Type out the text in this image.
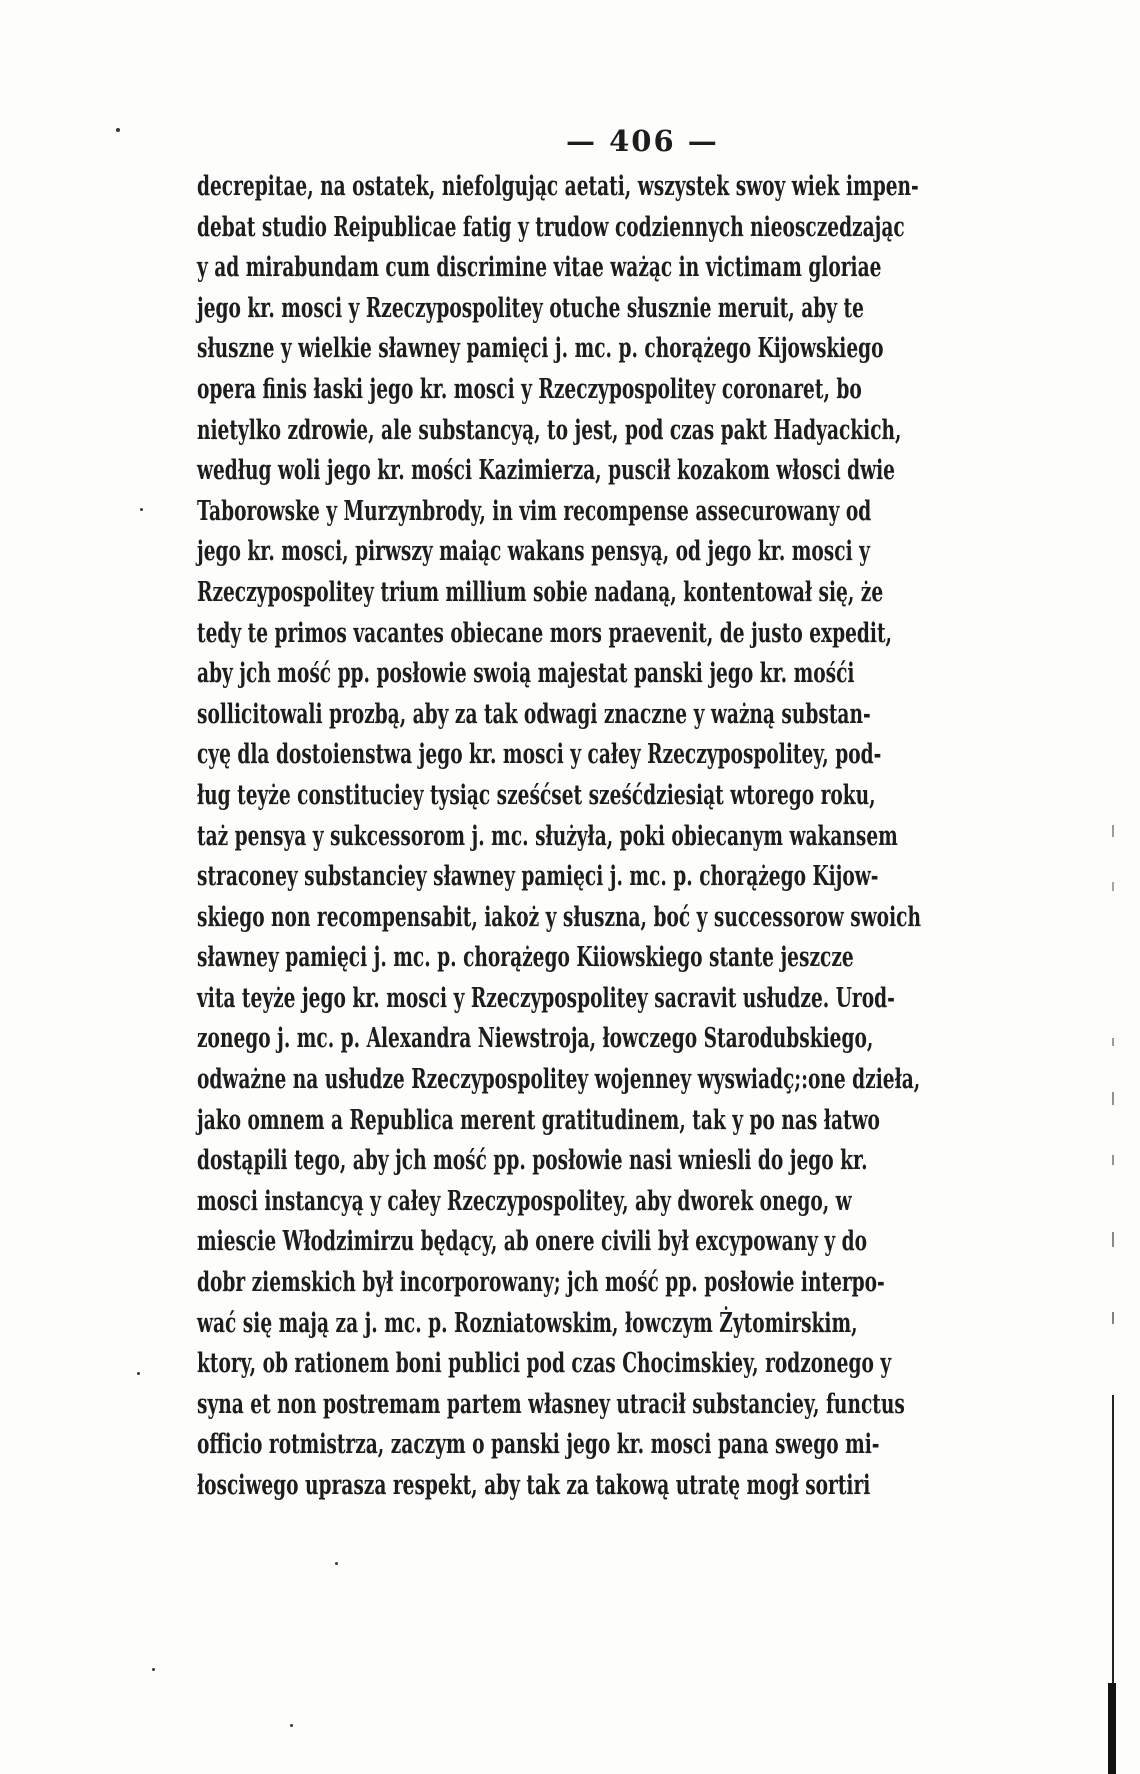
— 406 —
decrepitae, na ostatek, niefolgując aetati, wszystek swoy wiek impen-
debat studio Reipublicae fatig y trudow codziennych nieosczedzając
y ad mirabundam cum discrimine vitae ważąc in victimam gloriae
jego kr. mosci y Rzeczypospolitey otuche słusznie meruit, aby te
słuszne y wielkie sławney pamięci j. mc. p. chorążego Kijowskiego
opera finis łaski jego kr. mosci y Rzeczypospolitey coronaret, bo
nietylko zdrowie, ale substancyą, to jest, pod czas pakt Hadyackich,
według woli jego kr. mości Kazimierza, puscił kozakom włosci dwie
Taborowske y Murzynbrody, in vim recompense assecurowany od
jego kr. mosci, pirwszy maiąc wakans pensyą, od jego kr. mosci y
Rzeczypospolitey trium millium sobie nadaną, kontentował się, że
tedy te primos vacantes obiecane mors praevenit, de justo expedit,
aby jch mość pp. posłowie swoią majestat panski jego kr. mośći
sollicitowali prozbą, aby za tak odwagi znaczne y ważną substan-
cyę dla dostoienstwa jego kr. mosci y całey Rzeczypospolitey, pod-
ług teyże constituciey tysiąc sześćset sześćdziesiąt wtorego roku,
taż pensya y sukcessorom j. mc. służyła, poki obiecanym wakansem
straconey substanciey sławney pamięci j. mc. p. chorążego Kijow-
skiego non recompensabit, iakoż y słuszna, boć y successorow swoich
sławney pamięci j. mc. p. chorążego Kiiowskiego stante jeszcze
vita teyże jego kr. mosci y Rzeczypospolitey sacravit usłudze. Urod-
zonego j. mc. p. Alexandra Niewstroja, łowczego Starodubskiego,
odważne na usłudze Rzeczypospolitey wojenney wyswiadç;:one dzieła,
jako omnem a Republica merent gratitudinem, tak y po nas łatwo
dostąpili tego, aby jch mość pp. posłowie nasi wniesli do jego kr.
mosci instancyą y całey Rzeczypospolitey, aby dworek onego, w
miescie Włodzimirzu będący, ab onere civili był excypowany y do
dobr ziemskich był incorporowany; jch mość pp. posłowie interpo-
wać się mają za j. mc. p. Rozniatowskim, łowczym Żytomirskim,
ktory, ob rationem boni publici pod czas Chocimskiey, rodzonego y
syna et non postremam partem własney utracił substanciey, functus
officio rotmistrza, zaczym o panski jego kr. mosci pana swego mi-
łosciwego uprasza respekt, aby tak za takową utratę mogł sortiri
